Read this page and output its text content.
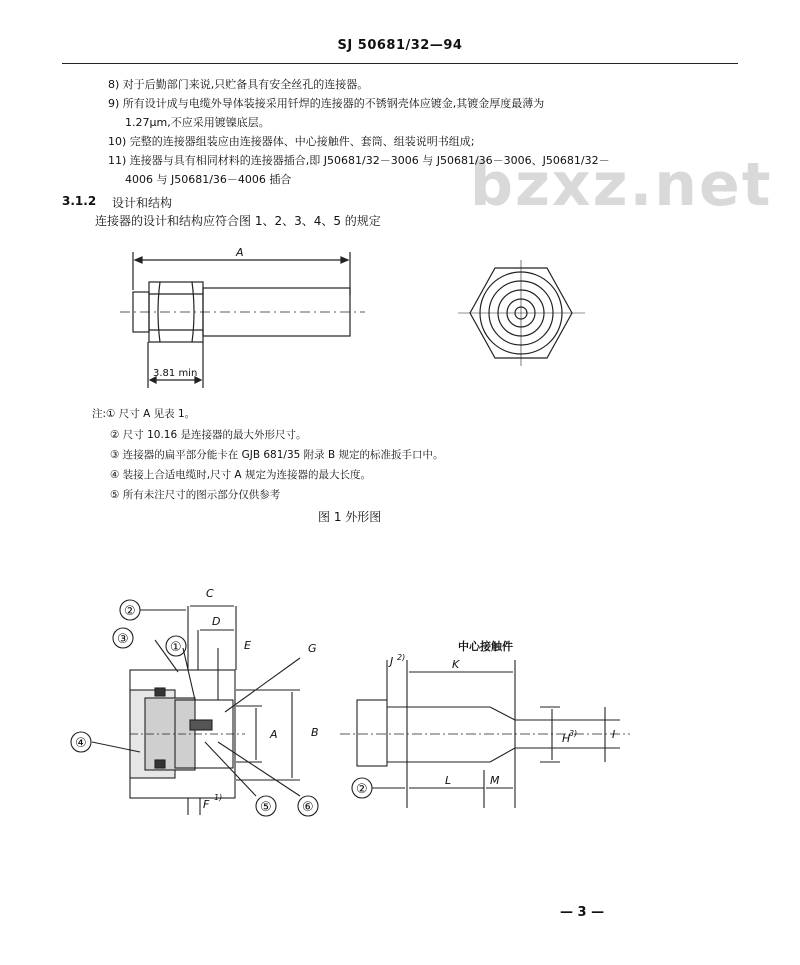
bzxz.net
SJ 50681/32—94
8) 对于后勤部门来说,只贮备具有安全丝孔的连接器。
9) 所有设计成与电缆外导体装接采用钎焊的连接器的不锈钢壳体应镀金,其镀金厚度最薄为
1.27μm,不应采用镀镍底层。
10) 完整的连接器组装应由连接器体、中心接触件、套筒、组装说明书组成;
11) 连接器与具有相同材料的连接器插合,即 J50681/32－3006 与 J50681/36－3006、J50681/32－
4006 与 J50681/36－4006 插合
3.1.2 设计和结构
连接器的设计和结构应符合图 1、2、3、4、5 的规定
A
3.81 min
注:① 尺寸 A 见表 1。
② 尺寸 10.16 是连接器的最大外形尺寸。
③ 连接器的扁平部分能卡在 GJB 681/35 附录 B 规定的标准扳手口中。
④ 装接上合适电缆时,尺寸 A 规定为连接器的最大长度。
⑤ 所有未注尺寸的图示部分仅供参考
图 1 外形图
C
D
E	G
A	B
F
1)
K
J 2)
H
3)	I
L	M
②
③
①
④
⑤ ⑥
②
中心接触件
— 3 —
